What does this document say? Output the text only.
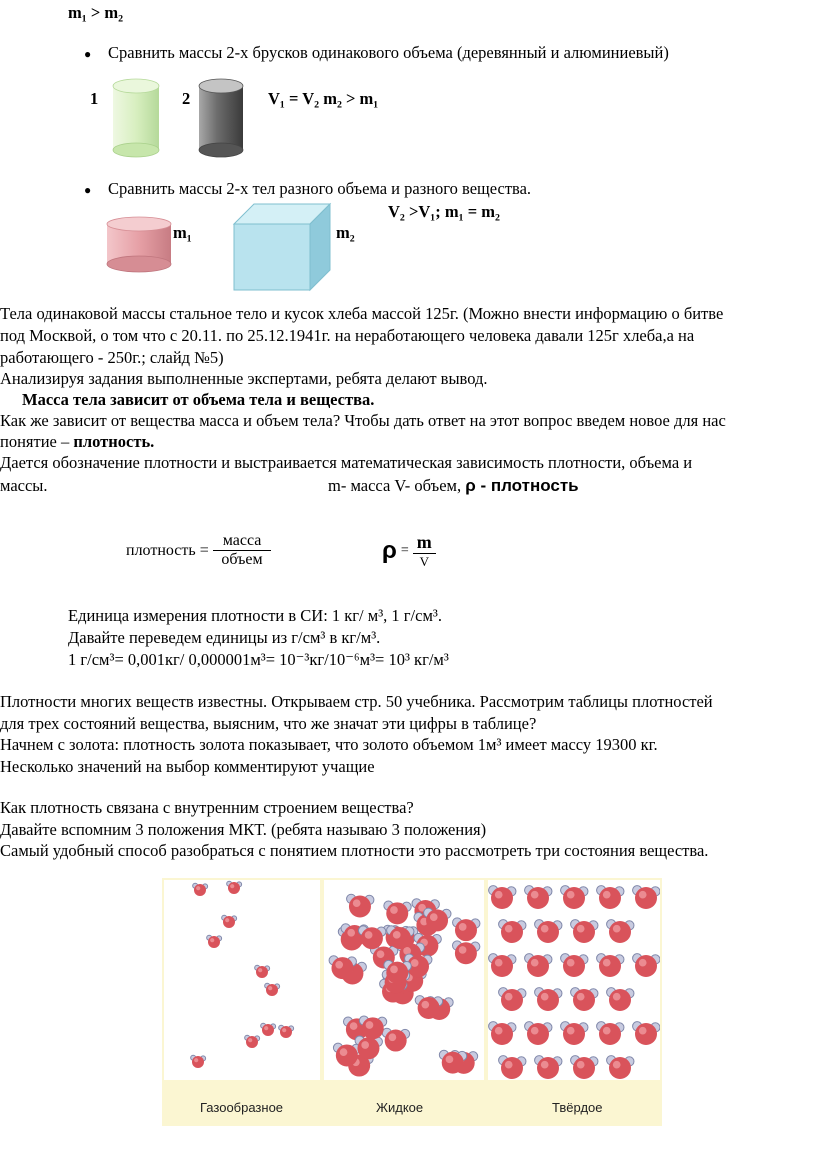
m₁ > m₂
● Сравнить массы 2-х брусков одинакового объема (деревянный и алюминиевый)
1	2	V₁ = V₂ m₂ > m₁
● Сравнить массы 2-х тел разного объема и разного вещества.
V₂ >V₁; m₁ = m₂
m₁	m₂
Тела одинаковой массы стальное тело и кусок хлеба массой 125г. (Можно внести информацию о битве
под Москвой, о том что с 20.11. по 25.12.1941г. на неработающего человека давали 125г хлеба,а на
работающего - 250г.; слайд №5)
Анализируя задания выполненные экспертами, ребята делают вывод.
Масса тела зависит от объема тела и вещества.
Как же зависит от вещества масса и объем тела? Чтобы дать ответ на этот вопрос введем новое для нас
понятие – плотность.
Дается обозначение плотности и выстраивается математическая зависимость плотности, объема и
массы.	m- масса V- объем, ρ - плотность
плотность = $\frac{\text{масса}}{\text{объем}}$	$\rho = \frac{m}{V}$
Единица измерения плотности в СИ: 1 кг/ м³, 1 г/см³.
Давайте переведем единицы из г/см³ в кг/м³.
1 г/см³= 0,001кг/ 0,000001м³= 10⁻³кг/10⁻⁶м³= 10³ кг/м³
Плотности многих веществ известны. Открываем стр. 50 учебника. Рассмотрим таблицы плотностей
для трех состояний вещества, выясним, что же значат эти цифры в таблице?
Начнем с золота: плотность золота показывает, что золото объемом 1м³ имеет массу 19300 кг.
Несколько значений на выбор комментируют учащие
Как плотность связана с внутренним строением вещества?
Давайте вспомним 3 положения МКТ. (ребята называю 3 положения)
Самый удобный способ разобраться с понятием плотности это рассмотреть три состояния вещества.
Газообразное	Жидкое	Твёрдое
